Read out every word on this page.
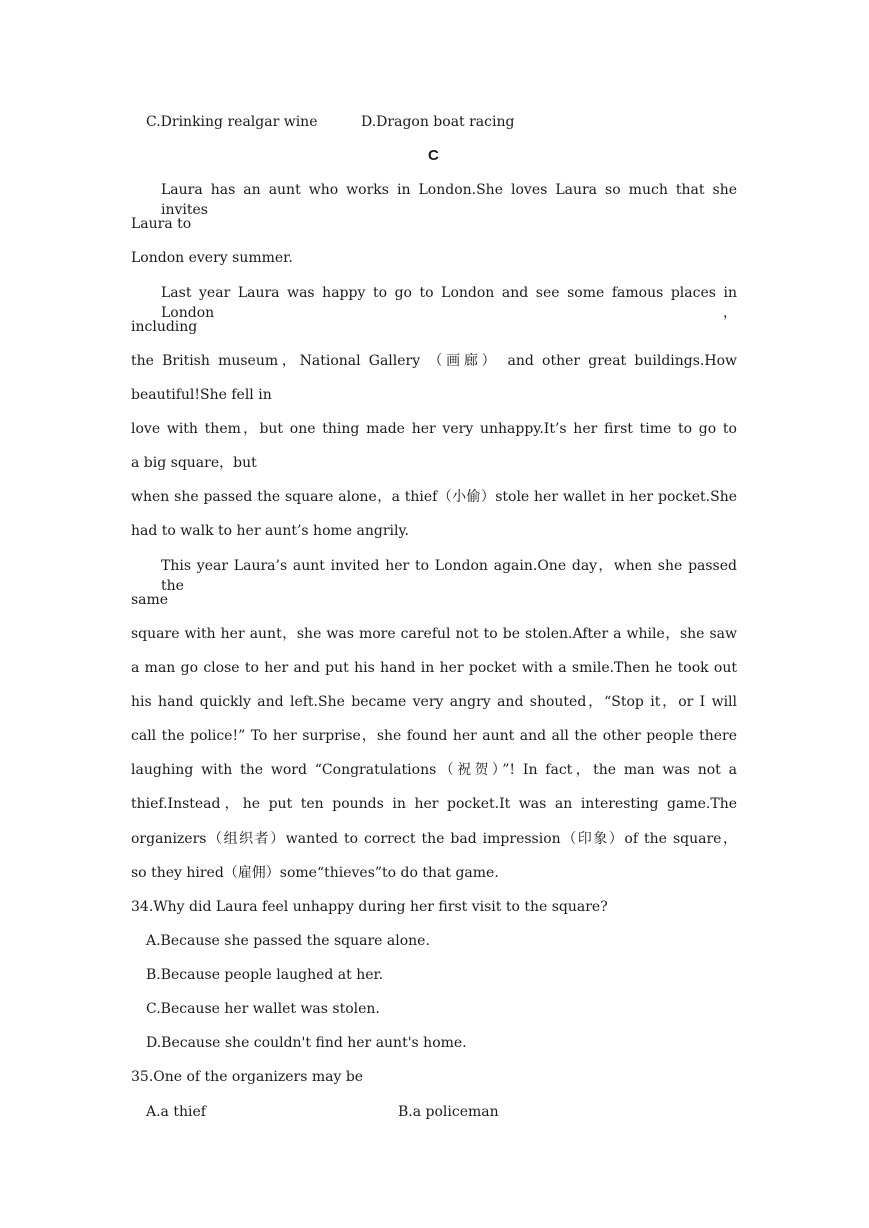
C.Drinking realgar wine	D.Dragon boat racing
C
Laura has an aunt who works in London.She loves Laura so much that she invites
Laura to
London every summer.
Last year Laura was happy to go to London and see some famous places in London，
including
the British museum，National Gallery （画廊） and other great buildings.How
beautiful!She fell in
love with them，but one thing made her very unhappy.It’s her first time to go to
a big square，but
when she passed the square alone，a thief（小偷）stole her wallet in her pocket.She
had to walk to her aunt’s home angrily.
This year Laura’s aunt invited her to London again.One day，when she passed the
same
square with her aunt，she was more careful not to be stolen.After a while，she saw
a man go close to her and put his hand in her pocket with a smile.Then he took out
his hand quickly and left.She became very angry and shouted，“Stop it，or I will
call the police!” To her surprise，she found her aunt and all the other people there
laughing with the word “Congratulations（祝贺）”! In fact，the man was not a
thief.Instead，he put ten pounds in her pocket.It was an interesting game.The
organizers（组织者）wanted to correct the bad impression（印象）of the square，
so they hired（雇佣）some“thieves”to do that game.
34.Why did Laura feel unhappy during her first visit to the square?
A.Because she passed the square alone.
B.Because people laughed at her.
C.Because her wallet was stolen.
D.Because she couldn't find her aunt's home.
35.One of the organizers may be
A.a thief	B.a policeman
